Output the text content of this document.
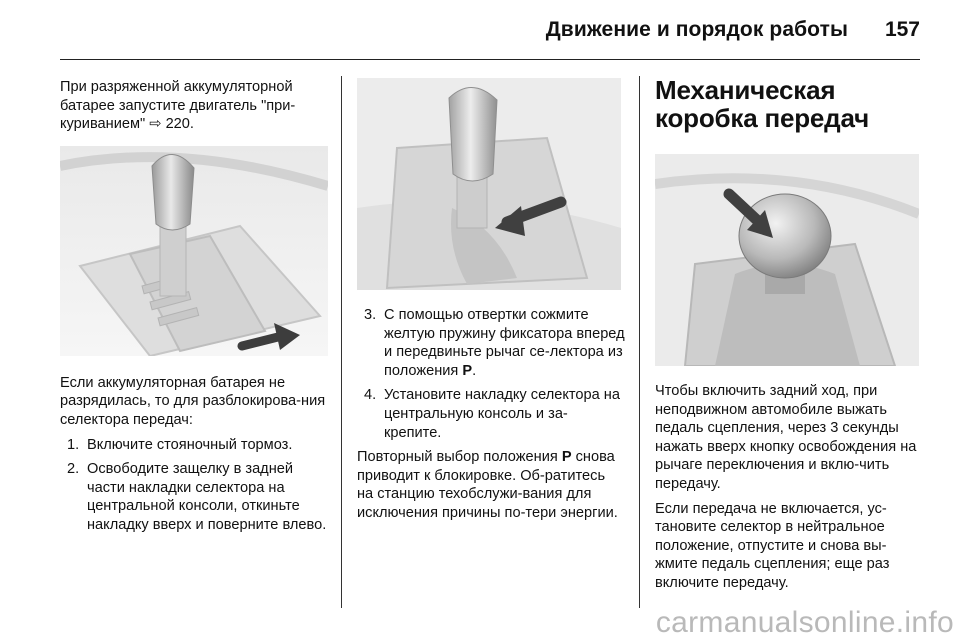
Движение и порядок работы 157

При разряженной аккумуляторной батарее запустите двигатель "при-куриванием" ⇨ 220.

Если аккумуляторная батарея не разрядилась, то для разблокирова-ния селектора передач:

1. Включите стояночный тормоз.
2. Освободите защелку в задней части накладки селектора на центральной консоли, откиньте накладку вверх и поверните влево.
3. С помощью отвертки сожмите желтую пружину фиксатора вперед и передвиньте рычаг се-лектора из положения P.
4. Установите накладку селектора на центральную консоль и за-крепите.

Повторный выбор положения P снова приводит к блокировке. Об-ратитесь на станцию техобслужи-вания для исключения причины по-тери энергии.

Механическая коробка передач

Чтобы включить задний ход, при неподвижном автомобиле выжать педаль сцепления, через 3 секунды нажать вверх кнопку освобождения на рычаге переключения и вклю-чить передачу.

Если передача не включается, ус-тановите селектор в нейтральное положение, отпустите и снова вы-жмите педаль сцепления; еще раз включите передачу.

carmanualsonline.info
